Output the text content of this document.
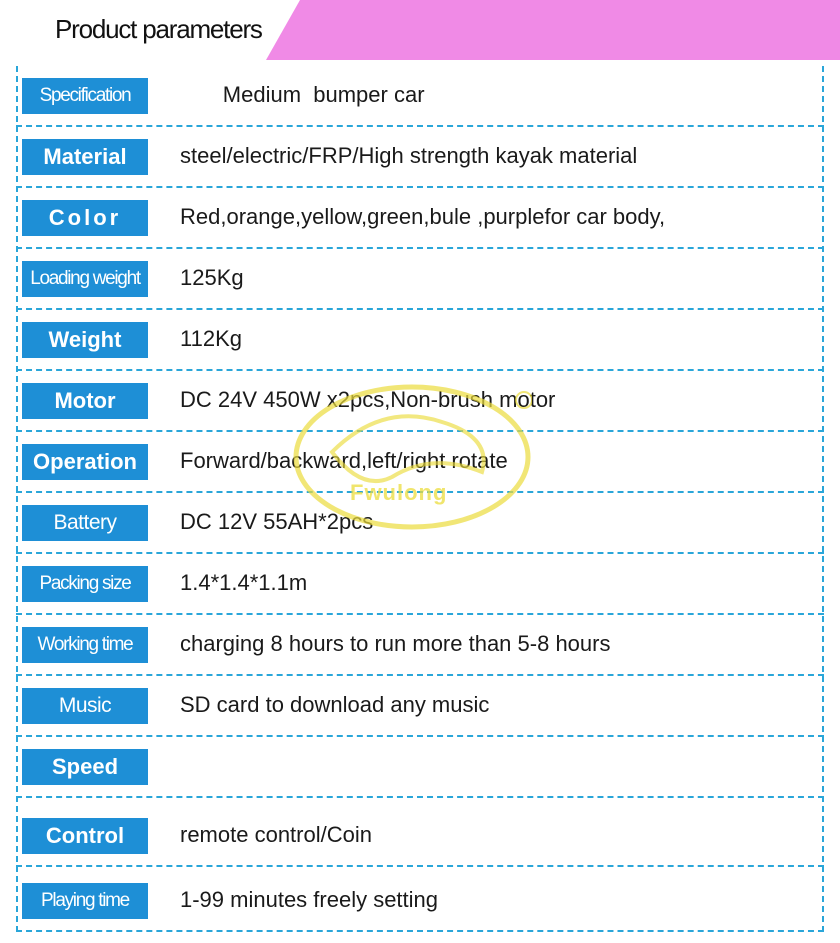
Product parameters
Specification	Medium  bumper car
Material	steel/electric/FRP/High strength kayak material
Color	Red,orange,yellow,green,bule ,purplefor car body,
Loading weight	125Kg
Weight	112Kg
Motor	DC 24V 450W x2pcs,Non-brush motor
Operation	Forward/backward,left/right rotate
Battery	DC 12V 55AH*2pcs
Packing size	1.4*1.4*1.1m
Working time	charging 8 hours to run more than 5-8 hours
Music	SD card to download any music
Speed
Control	remote control/Coin
Playing time	1-99 minutes freely setting
Fwulong
